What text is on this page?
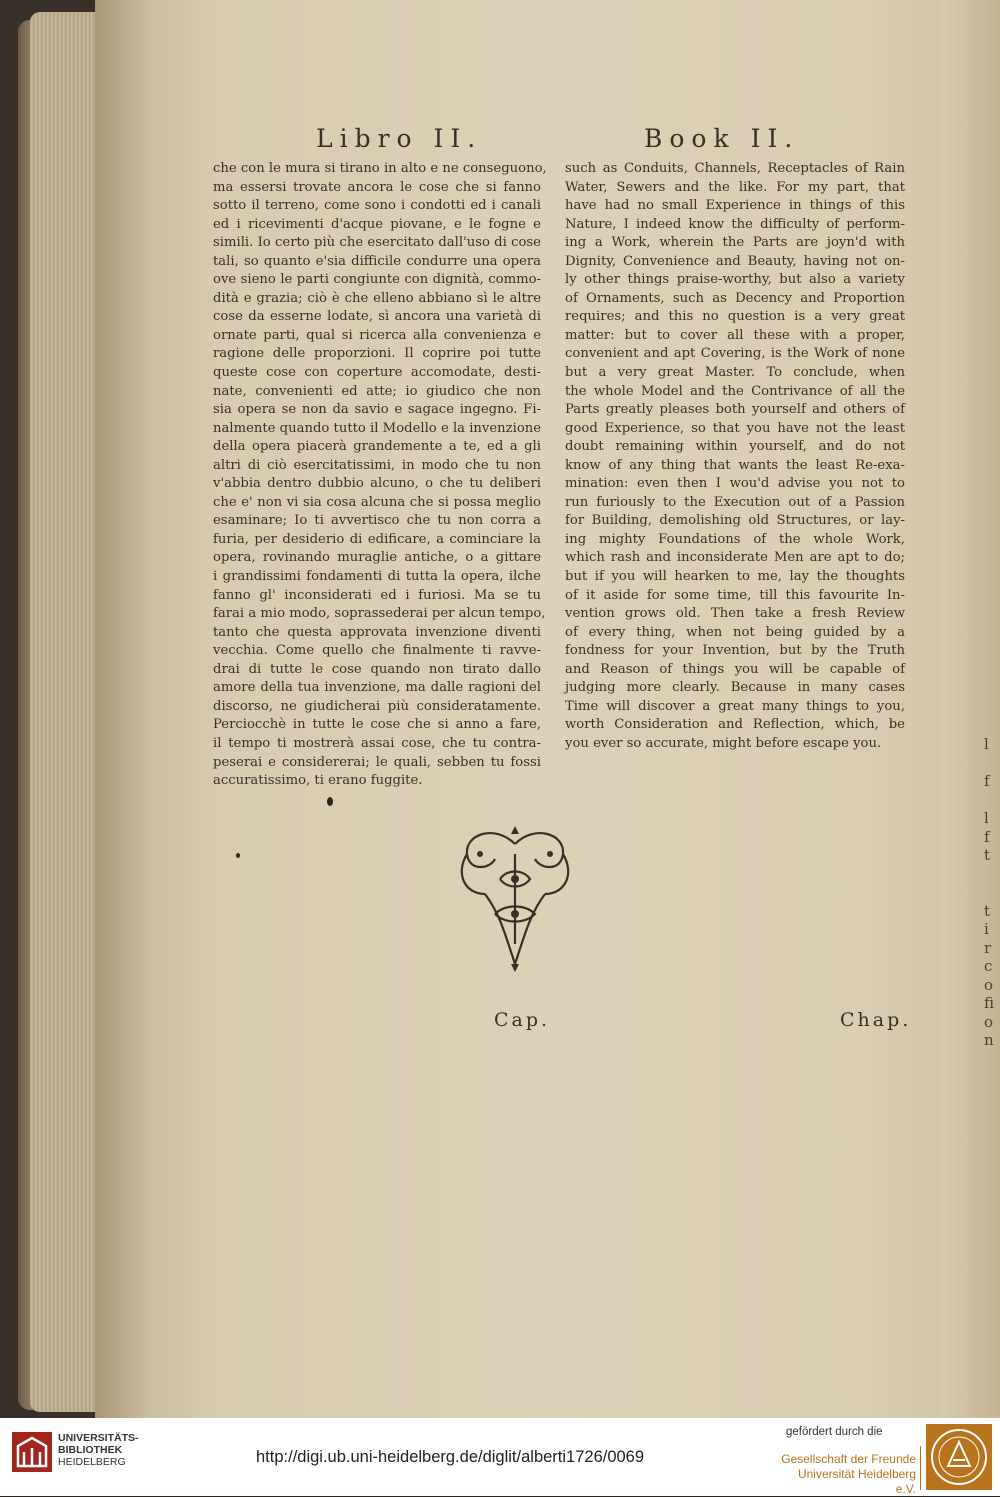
Libro II.	Book II.
che con le mura si tirano in alto e ne conseguono,
ma essersi trovate ancora le cose che si fanno
sotto il terreno, come sono i condotti ed i canali
ed i ricevimenti d'acque piovane, e le fogne e
simili. Io certo più che esercitato dall'uso di cose
tali, so quanto e'sia difficile condurre una opera
ove sieno le parti congiunte con dignità, commo-
dità e grazia; ciò è che elleno abbiano sì le altre
cose da esserne lodate, sì ancora una varietà di
ornate parti, qual si ricerca alla convenienza e
ragione delle proporzioni. Il coprire poi tutte
queste cose con coperture accomodate, desti-
nate, convenienti ed atte; io giudico che non
sia opera se non da savio e sagace ingegno. Fi-
nalmente quando tutto il Modello e la invenzione
della opera piacerà grandemente a te, ed a gli
altri di ciò esercitatissimi, in modo che tu non
v'abbia dentro dubbio alcuno, o che tu deliberi
che e' non vi sia cosa alcuna che si possa meglio
esaminare; Io ti avvertisco che tu non corra a
furia, per desiderio di edificare, a cominciare la
opera, rovinando muraglie antiche, o a gittare
i grandissimi fondamenti di tutta la opera, ilche
fanno gl' inconsiderati ed i furiosi. Ma se tu
farai a mio modo, soprassederai per alcun tempo,
tanto che questa approvata invenzione diventi
vecchia. Come quello che finalmente ti ravve-
drai di tutte le cose quando non tirato dallo
amore della tua invenzione, ma dalle ragioni del
discorso, ne giudicherai più consideratamente.
Perciocchè in tutte le cose che si anno a fare,
il tempo ti mostrerà assai cose, che tu contra-
peserai e considererai; le quali, sebben tu fossi
accuratissimo, ti erano fuggite.
such as Conduits, Channels, Receptacles of Rain
Water, Sewers and the like. For my part, that
have had no small Experience in things of this
Nature, I indeed know the difficulty of perform-
ing a Work, wherein the Parts are joyn'd with
Dignity, Convenience and Beauty, having not on-
ly other things praise-worthy, but also a variety
of Ornaments, such as Decency and Proportion
requires; and this no question is a very great
matter: but to cover all these with a proper,
convenient and apt Covering, is the Work of none
but a very great Master. To conclude, when
the whole Model and the Contrivance of all the
Parts greatly pleases both yourself and others of
good Experience, so that you have not the least
doubt remaining within yourself, and do not
know of any thing that wants the least Re-exa-
mination: even then I wou'd advise you not to
run furiously to the Execution out of a Passion
for Building, demolishing old Structures, or lay-
ing mighty Foundations of the whole Work,
which rash and inconsiderate Men are apt to do;
but if you will hearken to me, lay the thoughts
of it aside for some time, till this favourite In-
vention grows old. Then take a fresh Review
of every thing, when not being guided by a
fondness for your Invention, but by the Truth
and Reason of things you will be capable of
judging more clearly. Because in many cases
Time will discover a great many things to you,
worth Consideration and Reflection, which, be
you ever so accurate, might before escape you.
Cap.	Chap.
l
f
l
f
t
t
i
r
c
o
fi
o
n
UNIVERSITÄTS-
BIBLIOTHEK
HEIDELBERG	http://digi.ub.uni-heidelberg.de/diglit/alberti1726/0069
gefördert durch die
Gesellschaft der Freunde
Universität Heidelberg e.V.
